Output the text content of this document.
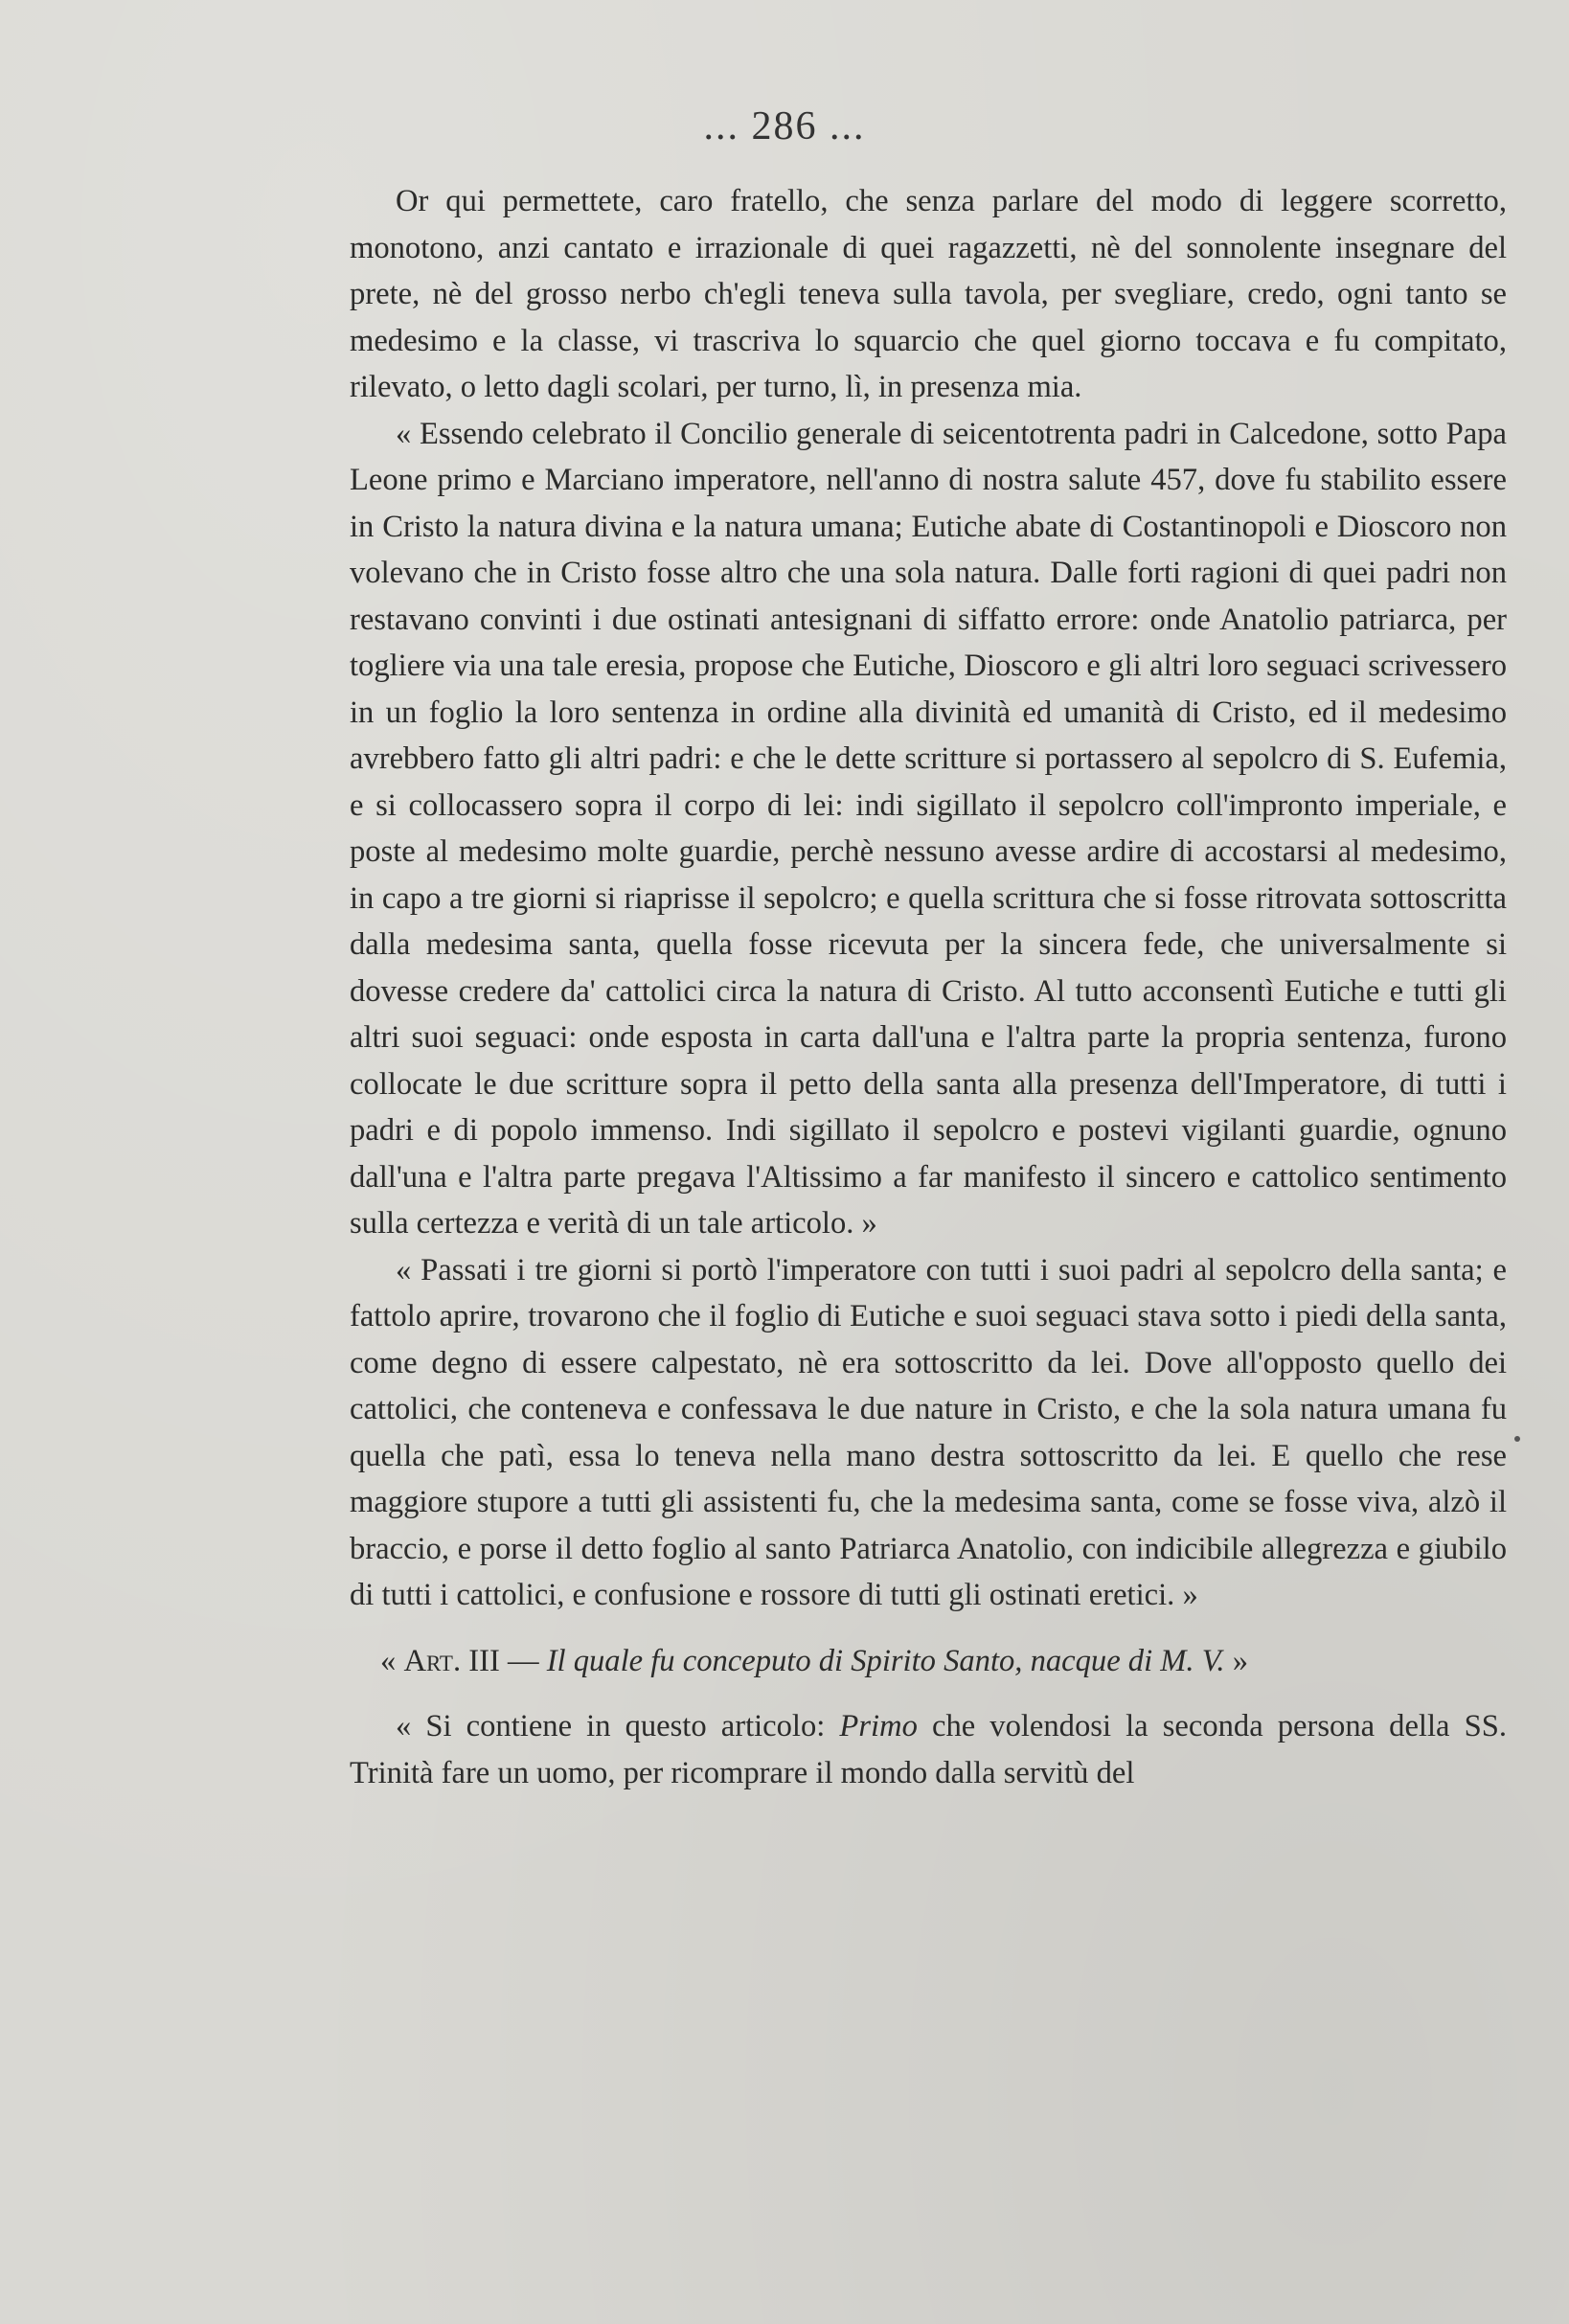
... 286 ...

Or qui permettete, caro fratello, che senza parlare del modo di leggere scorretto, monotono, anzi cantato e irrazionale di quei ragazzetti, nè del sonnolente insegnare del prete, nè del grosso nerbo ch'egli teneva sulla tavola, per svegliare, credo, ogni tanto se medesimo e la classe, vi trascriva lo squarcio che quel giorno toccava e fu compitato, rilevato, o letto dagli scolari, per turno, lì, in presenza mia.

« Essendo celebrato il Concilio generale di seicentotrenta padri in Calcedone, sotto Papa Leone primo e Marciano imperatore, nell'anno di nostra salute 457, dove fu stabilito essere in Cristo la natura divina e la natura umana; Eutiche abate di Costantinopoli e Dioscoro non volevano che in Cristo fosse altro che una sola natura. Dalle forti ragioni di quei padri non restavano convinti i due ostinati antesignani di siffatto errore: onde Anatolio patriarca, per togliere via una tale eresia, propose che Eutiche, Dioscoro e gli altri loro seguaci scrivessero in un foglio la loro sentenza in ordine alla divinità ed umanità di Cristo, ed il medesimo avrebbero fatto gli altri padri: e che le dette scritture si portassero al sepolcro di S. Eufemia, e si collocassero sopra il corpo di lei: indi sigillato il sepolcro coll'impronto imperiale, e poste al medesimo molte guardie, perchè nessuno avesse ardire di accostarsi al medesimo, in capo a tre giorni si riaprisse il sepolcro; e quella scrittura che si fosse ritrovata sottoscritta dalla medesima santa, quella fosse ricevuta per la sincera fede, che universalmente si dovesse credere da' cattolici circa la natura di Cristo. Al tutto acconsentì Eutiche e tutti gli altri suoi seguaci: onde esposta in carta dall'una e l'altra parte la propria sentenza, furono collocate le due scritture sopra il petto della santa alla presenza dell'Imperatore, di tutti i padri e di popolo immenso. Indi sigillato il sepolcro e postevi vigilanti guardie, ognuno dall'una e l'altra parte pregava l'Altissimo a far manifesto il sincero e cattolico sentimento sulla certezza e verità di un tale articolo. »

« Passati i tre giorni si portò l'imperatore con tutti i suoi padri al sepolcro della santa; e fattolo aprire, trovarono che il foglio di Eutiche e suoi seguaci stava sotto i piedi della santa, come degno di essere calpestato, nè era sottoscritto da lei. Dove all'opposto quello dei cattolici, che conteneva e confessava le due nature in Cristo, e che la sola natura umana fu quella che patì, essa lo teneva nella mano destra sottoscritto da lei. E quello che rese maggiore stupore a tutti gli assistenti fu, che la medesima santa, come se fosse viva, alzò il braccio, e porse il detto foglio al santo Patriarca Anatolio, con indicibile allegrezza e giubilo di tutti i cattolici, e confusione e rossore di tutti gli ostinati eretici. »

« Art. III — Il quale fu conceputo di Spirito Santo, nacque di M. V. »

« Si contiene in questo articolo: Primo che volendosi la seconda persona della SS. Trinità fare un uomo, per ricomprare il mondo dalla servitù del
